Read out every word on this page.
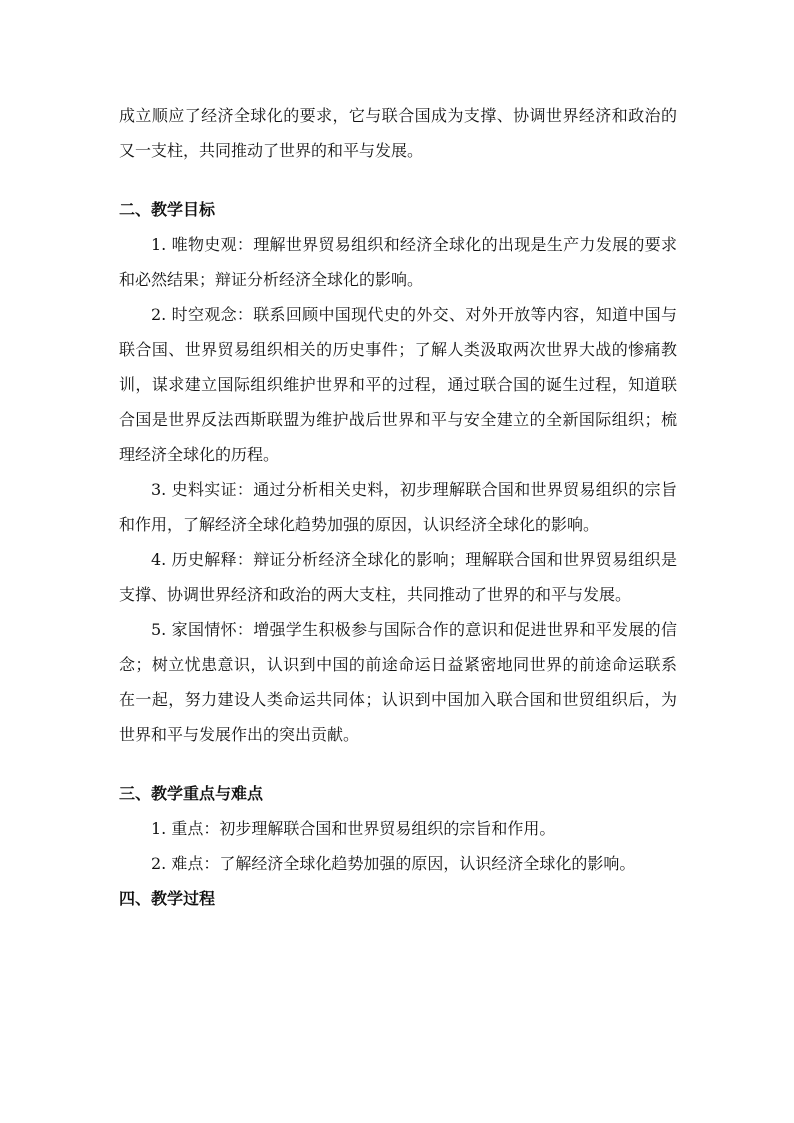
成立顺应了经济全球化的要求，它与联合国成为支撑、协调世界经济和政治的又一支柱，共同推动了世界的和平与发展。

二、教学目标

1. 唯物史观：理解世界贸易组织和经济全球化的出现是生产力发展的要求和必然结果；辩证分析经济全球化的影响。

2. 时空观念：联系回顾中国现代史的外交、对外开放等内容，知道中国与联合国、世界贸易组织相关的历史事件；了解人类汲取两次世界大战的惨痛教训，谋求建立国际组织维护世界和平的过程，通过联合国的诞生过程，知道联合国是世界反法西斯联盟为维护战后世界和平与安全建立的全新国际组织；梳理经济全球化的历程。

3. 史料实证：通过分析相关史料，初步理解联合国和世界贸易组织的宗旨和作用，了解经济全球化趋势加强的原因，认识经济全球化的影响。

4. 历史解释：辩证分析经济全球化的影响；理解联合国和世界贸易组织是支撑、协调世界经济和政治的两大支柱，共同推动了世界的和平与发展。

5. 家国情怀：增强学生积极参与国际合作的意识和促进世界和平发展的信念；树立忧患意识，认识到中国的前途命运日益紧密地同世界的前途命运联系在一起，努力建设人类命运共同体；认识到中国加入联合国和世贸组织后，为世界和平与发展作出的突出贡献。

三、教学重点与难点

1. 重点：初步理解联合国和世界贸易组织的宗旨和作用。

2. 难点：了解经济全球化趋势加强的原因，认识经济全球化的影响。

四、教学过程
